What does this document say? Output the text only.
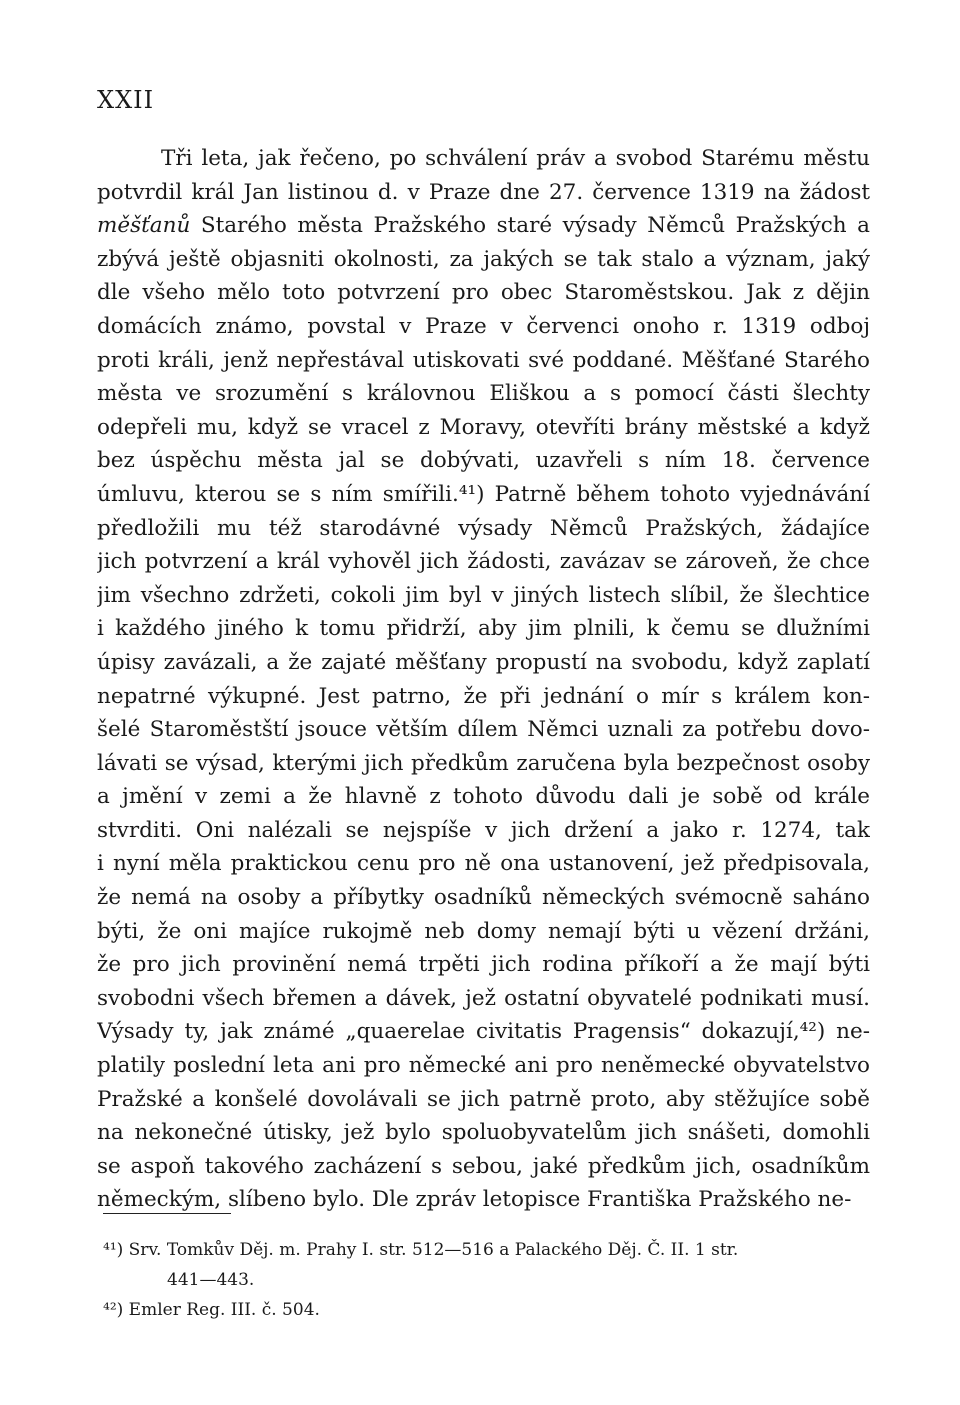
XXII
Tři leta, jak řečeno, po schválení práv a svobod Starému městu
potvrdil král Jan listinou d. v Praze dne 27. července 1319 na žádost
měšťanů Starého města Pražského staré výsady Němců Pražských a
zbývá ještě objasniti okolnosti, za jakých se tak stalo a význam, jaký
dle všeho mělo toto potvrzení pro obec Staroměstskou. Jak z dějin
domácích známo, povstal v Praze v červenci onoho r. 1319 odboj
proti králi, jenž nepřestával utiskovati své poddané. Měšťané Starého
města ve srozumění s královnou Eliškou a s pomocí části šlechty
odepřeli mu, když se vracel z Moravy, otevříti brány městské a když
bez úspěchu města jal se dobývati, uzavřeli s ním 18. července
úmluvu, kterou se s ním smířili.⁴¹) Patrně během tohoto vyjednávání
předložili mu též starodávné výsady Němců Pražských, žádajíce
jich potvrzení a král vyhověl jich žádosti, zavázav se zároveň, že chce
jim všechno zdržeti, cokoli jim byl v jiných listech slíbil, že šlechtice
i každého jiného k tomu přidrží, aby jim plnili, k čemu se dlužními
úpisy zavázali, a že zajaté měšťany propustí na svobodu, když zaplatí
nepatrné výkupné. Jest patrno, že při jednání o mír s králem kon-
šelé Staroměstští jsouce větším dílem Němci uznali za potřebu dovo-
lávati se výsad, kterými jich předkům zaručena byla bezpečnost osoby
a jmění v zemi a že hlavně z tohoto důvodu dali je sobě od krále
stvrditi. Oni nalézali se nejspíše v jich držení a jako r. 1274, tak
i nyní měla praktickou cenu pro ně ona ustanovení, jež předpisovala,
že nemá na osoby a příbytky osadníků německých svémocně saháno
býti, že oni majíce rukojmě neb domy nemají býti u vězení držáni,
že pro jich provinění nemá trpěti jich rodina příkoří a že mají býti
svobodni všech břemen a dávek, jež ostatní obyvatelé podnikati musí.
Výsady ty, jak známé „quaerelae civitatis Pragensis“ dokazují,⁴²) ne-
platily poslední leta ani pro německé ani pro neněmecké obyvatelstvo
Pražské a konšelé dovolávali se jich patrně proto, aby stěžujíce sobě
na nekonečné útisky, jež bylo spoluobyvatelům jich snášeti, domohli
se aspoň takového zacházení s sebou, jaké předkům jich, osadníkům
německým, slíbeno bylo. Dle zpráv letopisce Františka Pražského ne-
⁴¹) Srv. Tomkův Děj. m. Prahy I. str. 512—516 a Palackého Děj. Č. II. 1 str.
441—443.
⁴²) Emler Reg. III. č. 504.
